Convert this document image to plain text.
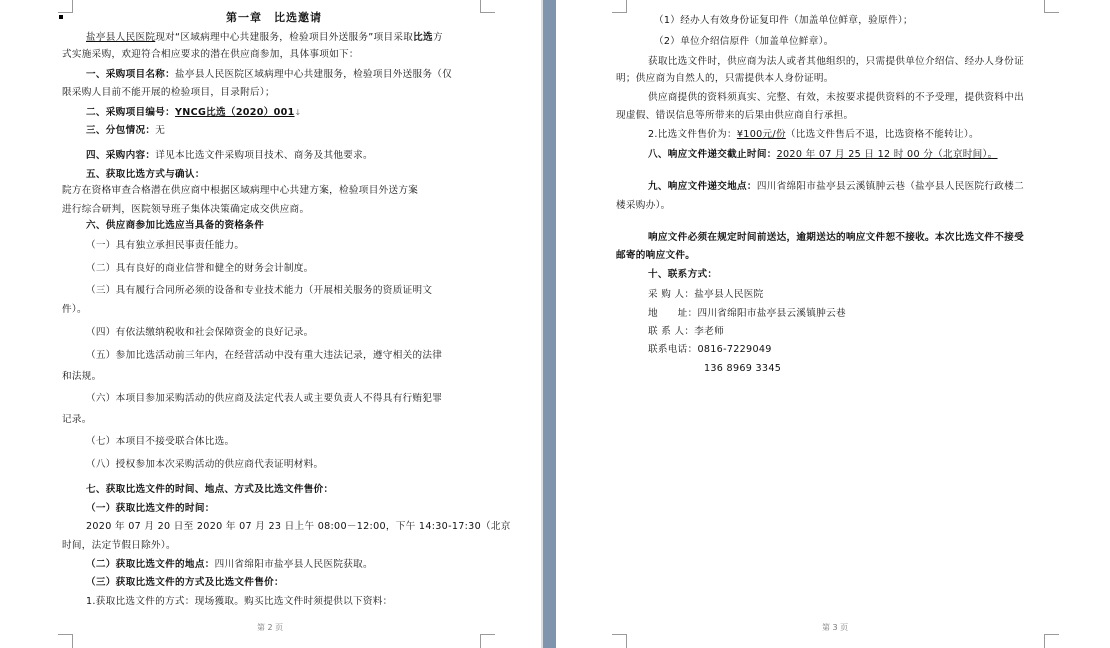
第一章　比选邀请
盐亭县人民医院现对“区域病理中心共建服务，检验项目外送服务”项目采取比选方
式实施采购，欢迎符合相应要求的潜在供应商参加，具体事项如下：
一、采购项目名称：盐亭县人民医院区域病理中心共建服务，检验项目外送服务（仅
限采购人目前不能开展的检验项目，目录附后）；
二、采购项目编号：YNCG比选（2020）001↓
三、分包情况：无
四、采购内容：详见本比选文件采购项目技术、商务及其他要求。
五、获取比选方式与确认：
院方在资格审查合格潜在供应商中根据区域病理中心共建方案，检验项目外送方案
进行综合研判，医院领导班子集体决策确定成交供应商。
六、供应商参加比选应当具备的资格条件
（一）具有独立承担民事责任能力。
（二）具有良好的商业信誉和健全的财务会计制度。
（三）具有履行合同所必须的设备和专业技术能力（开展相关服务的资质证明文
件）。
（四）有依法缴纳税收和社会保障资金的良好记录。
（五）参加比选活动前三年内，在经营活动中没有重大违法记录，遵守相关的法律
和法规。
（六）本项目参加采购活动的供应商及法定代表人或主要负责人不得具有行贿犯罪
记录。
（七）本项目不接受联合体比选。
（八）授权参加本次采购活动的供应商代表证明材料。
七、获取比选文件的时间、地点、方式及比选文件售价：
（一）获取比选文件的时间：
2020 年 07 月 20 日至 2020 年 07 月 23 日上午 08:00－12:00，下午 14:30-17:30（北京
时间，法定节假日除外）。
（二）获取比选文件的地点：四川省绵阳市盐亭县人民医院获取。
（三）获取比选文件的方式及比选文件售价：
1.获取比选文件的方式：现场獲取。购买比选文件时须提供以下资料：
第 2 页
（1）经办人有效身份证复印件（加盖单位鲜章，验原件）；
（2）单位介绍信原件（加盖单位鲜章）。
获取比选文件时，供应商为法人或者其他组织的，只需提供单位介绍信、经办人身份证
明；供应商为自然人的，只需提供本人身份证明。
供应商提供的资料须真实、完整、有效，未按要求提供资料的不予受理，提供资料中出
现虚假、错误信息等所带来的后果由供应商自行承担。
2.比选文件售价为：¥100元/份（比选文件售后不退，比选资格不能转让）。
八、响应文件递交截止时间：2020 年 07 月 25 日 12 时 00 分（北京时间）。
九、响应文件递交地点：四川省绵阳市盐亭县云溪镇肿云巷（盐亭县人民医院行政楼二
楼采购办）。
响应文件必须在规定时间前送达，逾期送达的响应文件恕不接收。本次比选文件不接受
邮寄的响应文件。
十、联系方式：
采 购 人：盐亭县人民医院
地　　址：四川省绵阳市盐亭县云溪镇肿云巷
联 系 人：李老师
联系电话：0816-7229049
136 8969 3345
第 3 页
